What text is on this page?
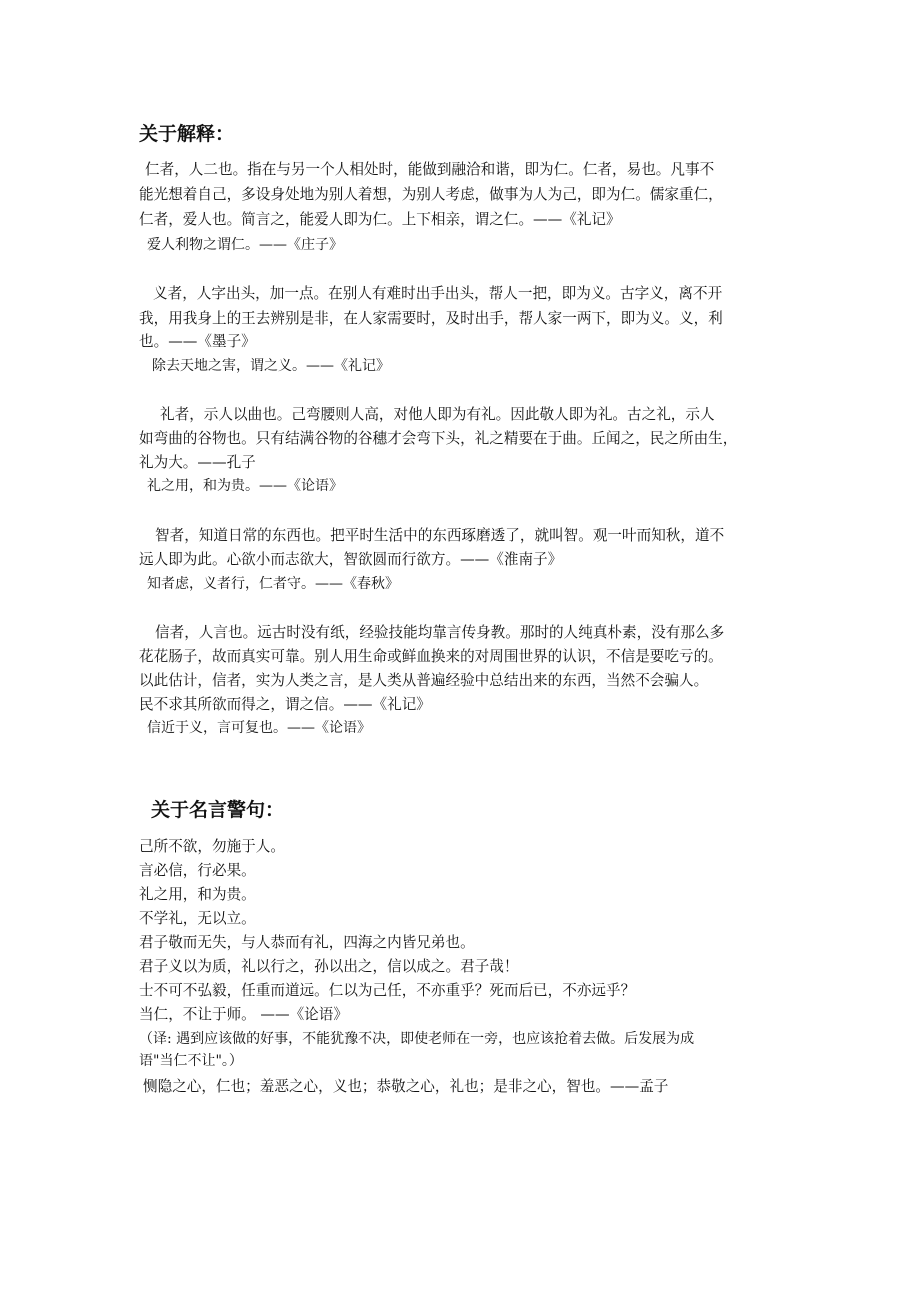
关于解释：

仁者，人二也。指在与另一个人相处时，能做到融洽和谐，即为仁。仁者，易也。凡事不

能光想着自己，多设身处地为别人着想，为别人考虑，做事为人为己，即为仁。儒家重仁，

仁者，爱人也。简言之，能爱人即为仁。上下相亲，谓之仁。——《礼记》

爱人利物之谓仁。——《庄子》

义者，人字出头，加一点。在别人有难时出手出头，帮人一把，即为义。古字义，离不开

我，用我身上的王去辨别是非，在人家需要时，及时出手，帮人家一两下，即为义。义，利

也。——《墨子》

除去天地之害，谓之义。——《礼记》

礼者，示人以曲也。己弯腰则人高，对他人即为有礼。因此敬人即为礼。古之礼，示人

如弯曲的谷物也。只有结满谷物的谷穗才会弯下头，礼之精要在于曲。丘闻之，民之所由生，

礼为大。——孔子

礼之用，和为贵。——《论语》

智者，知道日常的东西也。把平时生活中的东西琢磨透了，就叫智。观一叶而知秋，道不

远人即为此。心欲小而志欲大，智欲圆而行欲方。——《淮南子》

知者虑，义者行，仁者守。——《春秋》

信者，人言也。远古时没有纸，经验技能均靠言传身教。那时的人纯真朴素，没有那么多

花花肠子，故而真实可靠。别人用生命或鲜血换来的对周围世界的认识，不信是要吃亏的。

以此估计，信者，实为人类之言，是人类从普遍经验中总结出来的东西，当然不会骗人。

民不求其所欲而得之，谓之信。——《礼记》

信近于义，言可复也。——《论语》

关于名言警句：

己所不欲，勿施于人。

言必信，行必果。

礼之用，和为贵。

不学礼，无以立。

君子敬而无失，与人恭而有礼，四海之内皆兄弟也。

君子义以为质，礼以行之，孙以出之，信以成之。君子哉！

士不可不弘毅，任重而道远。仁以为己任，不亦重乎？死而后已，不亦远乎？

当仁，不让于师。 ——《论语》

（译: 遇到应该做的好事，不能犹豫不决，即使老师在一旁，也应该抢着去做。后发展为成

语"当仁不让"。）

恻隐之心，仁也；羞恶之心，义也；恭敬之心，礼也；是非之心，智也。——孟子
